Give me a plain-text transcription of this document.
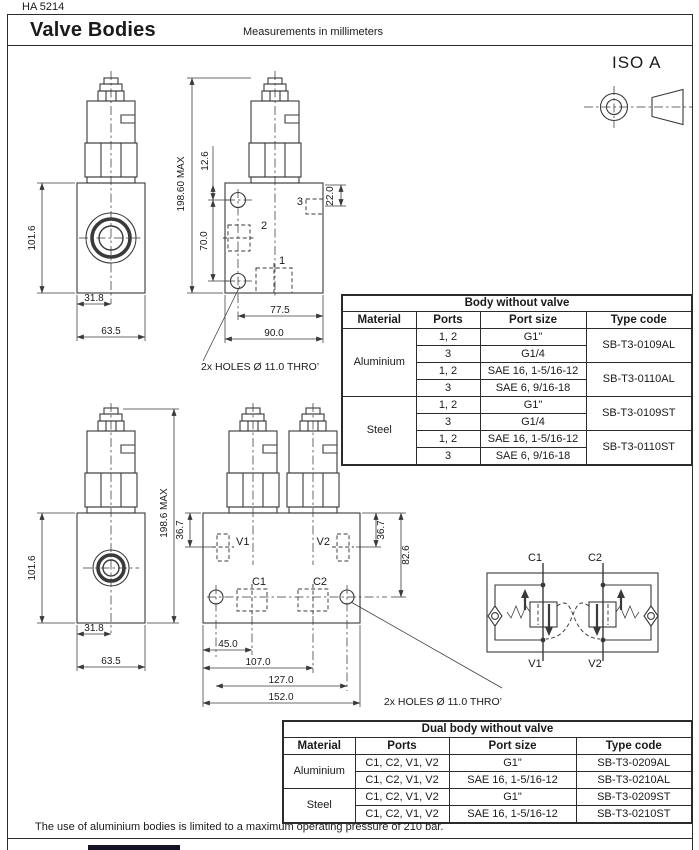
HA 5214
Valve Bodies	Measurements in millimeters
ISO A
101.6
31.8
63.5
2
3
1
198.60 MAX 12.6
70.0
22.0
77.5
90.0
2x HOLES Ø 11.0 THRO’
101.6
31.8
63.5
198.6 MAX
V1	V2
C1	C2
36.7	36.7
82.6
45.0
107.0
127.0
152.0	2x HOLES Ø 11.0 THRO’
C1	C2
V1	V2
Body without valve			
Material	Ports	Port size	Type code
Aluminium	1, 2	G1"	SB-T3-0109AL
	3	G1/4	
	1, 2	SAE 16, 1-5/16-12	SB-T3-0110AL
	3	SAE 6, 9/16-18	
Steel	1, 2	G1"	SB-T3-0109ST
	3	G1/4	
	1, 2	SAE 16, 1-5/16-12	SB-T3-0110ST
	3	SAE 6, 9/16-18	
Dual body without valve			
Material	Ports	Port size	Type code
Aluminium	C1, C2, V1, V2	G1"	SB-T3-0209AL
	C1, C2, V1, V2	SAE 16, 1-5/16-12	SB-T3-0210AL
Steel	C1, C2, V1, V2	G1"	SB-T3-0209ST
	C1, C2, V1, V2	SAE 16, 1-5/16-12	SB-T3-0210ST
The use of aluminium bodies is limited to a maximum operating pressure of 210 bar.
